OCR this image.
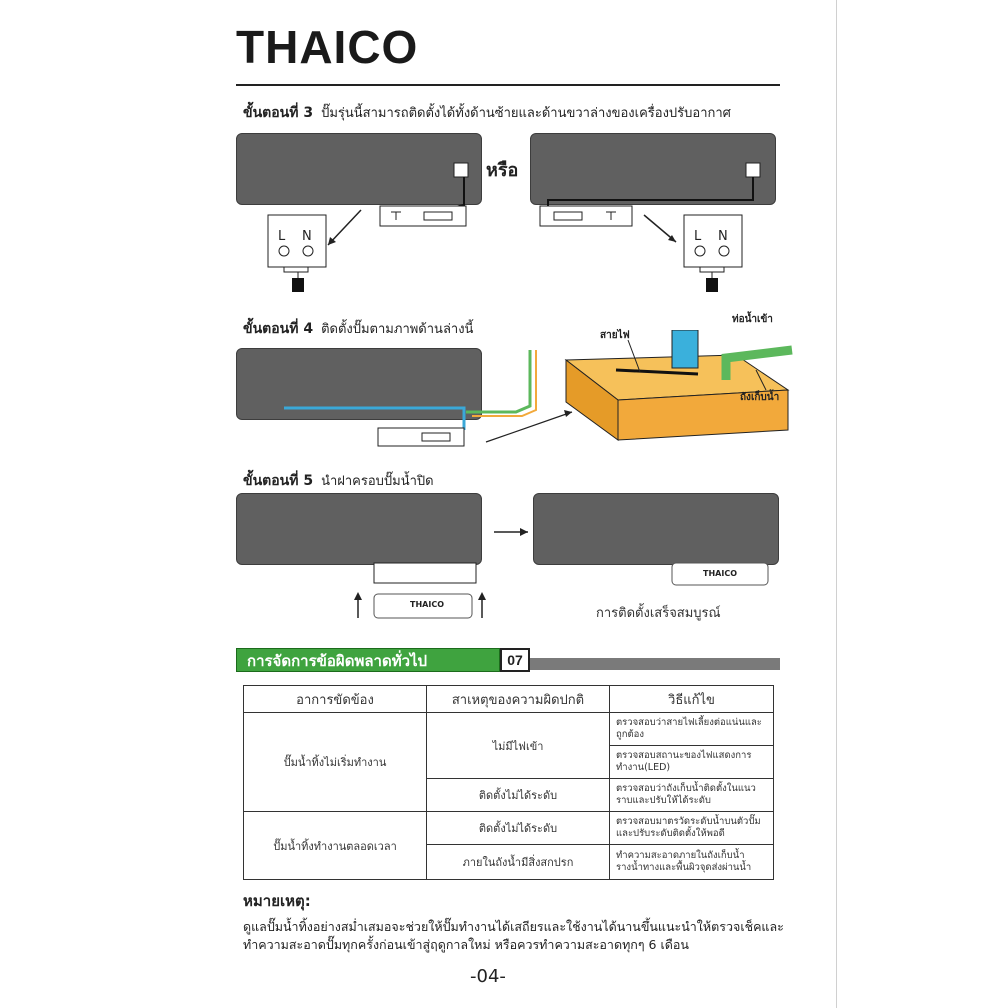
THAICO
ขั้นตอนที่ 3 ปั๊มรุ่นนี้สามารถติดตั้งได้ทั้งด้านซ้ายและด้านขวาล่างของเครื่องปรับอากาศ
หรือ
L N	L N
ขั้นตอนที่ 4 ติดตั้งปั๊มตามภาพด้านล่างนี้	สายไฟ
ท่อน้ำเข้า
ถังเก็บน้ำ
ขั้นตอนที่ 5 นำฝาครอบปั๊มน้ำปิด
THAICO
THAICO
การติดตั้งเสร็จสมบูรณ์
การจัดการข้อผิดพลาดทั่วไป	07
อาการขัดข้อง	สาเหตุของความผิดปกติ	วิธีแก้ไข
ปั๊มน้ำทิ้งไม่เริ่มทำงาน	ไม่มีไฟเข้า	ตรวจสอบว่าสายไฟเลี้ยงต่อแน่นและถูกต้อง
		ตรวจสอบสถานะของไฟแสดงการทำงาน(LED)
	ติดตั้งไม่ได้ระดับ	ตรวจสอบว่าถังเก็บน้ำติดตั้งในแนวราบและปรับให้ได้ระดับ
ปั๊มน้ำทิ้งทำงานตลอดเวลา	ติดตั้งไม่ได้ระดับ	ตรวจสอบมาตรวัดระดับน้ำบนตัวปั๊มและปรับระดับติดตั้งให้พอดี
	ภายในถังน้ำมีสิ่งสกปรก	ทำความสะอาดภายในถังเก็บน้ำ รางน้ำทางและพื้นผิวจุดส่งผ่านน้ำ
หมายเหตุ:
ดูแลปั๊มน้ำทิ้งอย่างสม่ำเสมอจะช่วยให้ปั๊มทำงานได้เสถียรและใช้งานได้นานขึ้นแนะนำให้ตรวจเช็คและทำความสะอาดปั๊มทุกครั้งก่อนเข้าสู่ฤดูกาลใหม่ หรือควรทำความสะอาดทุกๆ 6 เดือน
-04-
